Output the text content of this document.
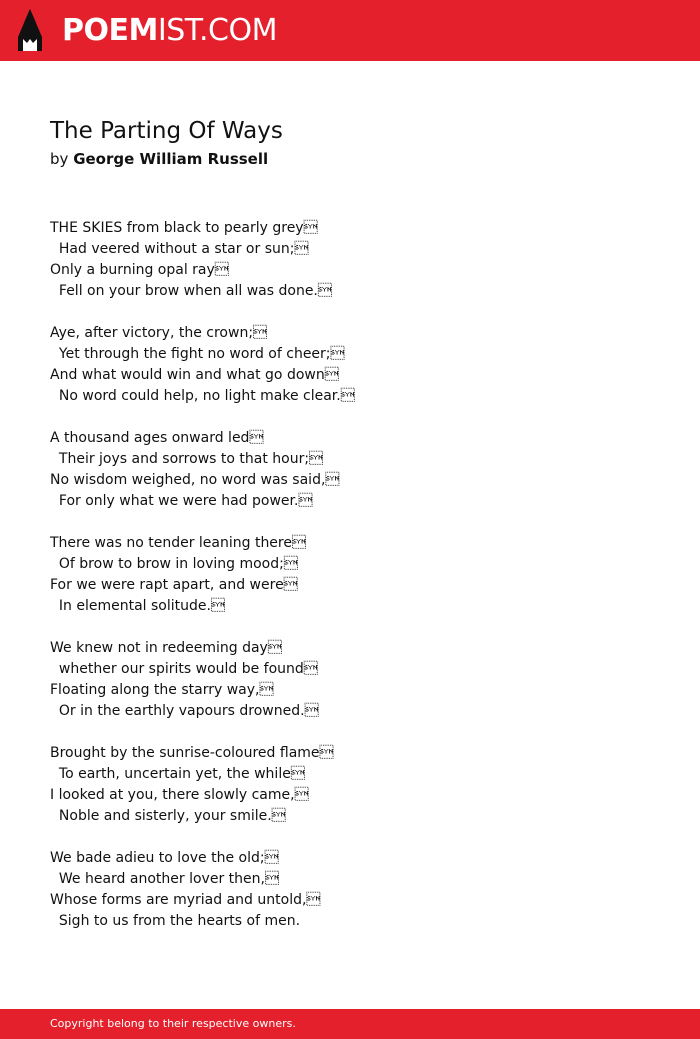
POEMIST.COM
The Parting Of Ways
by George William Russell
THE SKIES from black to pearly grey
Had veered without a star or sun;
Only a burning opal ray
Fell on your brow when all was done.
Aye, after victory, the crown;
Yet through the fight no word of cheer;
And what would win and what go down
No word could help, no light make clear.
A thousand ages onward led
Their joys and sorrows to that hour;
No wisdom weighed, no word was said,
For only what we were had power.
There was no tender leaning there
Of brow to brow in loving mood;
For we were rapt apart, and were
In elemental solitude.
We knew not in redeeming day
whether our spirits would be found
Floating along the starry way,
Or in the earthly vapours drowned.
Brought by the sunrise-coloured flame
To earth, uncertain yet, the while
I looked at you, there slowly came,
Noble and sisterly, your smile.
We bade adieu to love the old;
We heard another lover then,
Whose forms are myriad and untold,
Sigh to us from the hearts of men.
Copyright belong to their respective owners.
